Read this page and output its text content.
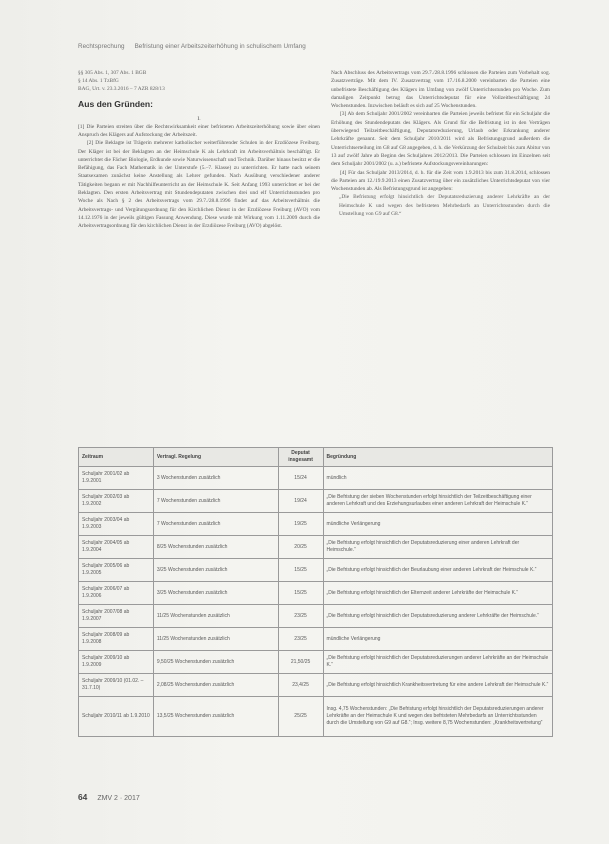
Rechtsprechung Befristung einer Arbeitszeiterhöhung in schulischem Umfang

§§ 305 Abs. 1, 307 Abs. 1 BGB

§ 14 Abs. 1 TzBfG

BAG, Urt. v. 23.3.2016 – 7 AZR 828/13

Aus den Gründen:

I.

[1] Die Parteien streiten über die Rechtswirksamkeit einer befristeten Arbeitszeiterhöhung sowie über einen Anspruch des Klägers auf Aufstockung der Arbeitszeit.

[2] Die Beklagte ist Trägerin mehrerer katholischer weiterführender Schulen in der Erzdiözese Freiburg. Der Kläger ist bei der Beklagten an der Heimschule K als Lehrkraft im Arbeitsverhältnis beschäftigt. Er unterrichtet die Fächer Biologie, Erdkunde sowie Naturwissenschaft und Technik. Darüber hinaus besitzt er die Befähigung, das Fach Mathematik in der Unterstufe (5.–7. Klasse) zu unterrichten. Er hatte nach seinem Staatsexamen zunächst keine Anstellung als Lehrer gefunden. Nach Ausübung verschiedener anderer Tätigkeiten begann er mit Nachhilfeunterricht an der Heimschule K. Seit Anfang 1993 unterrichtet er bei der Beklagten. Den ersten Arbeitsvertrag mit Stundendeputaten zwischen drei und elf Unterrichtsstunden pro Woche als Nach § 2 des Arbeitsvertrags vom 29.7./28.8.1996 findet auf das Arbeitsverhältnis die Arbeitsvertrags- und Vergütungsordnung für den Kirchlichen Dienst in der Erzdiözese Freiburg (AVO) vom 14.12.1976 in der jeweils gültigen Fassung Anwendung. Diese wurde mit Wirkung vom 1.11.2009 durch die Arbeitsvertragsordnung für den kirchlichen Dienst in der Erzdiözese Freiburg (AVO) abgelöst.

Nach Abschluss des Arbeitsvertrags vom 29.7./28.8.1996 schlossen die Parteien zum Vorbehalt sog. Zusatzverträge. Mit dem IV. Zusatzvertrag vom 17./16.8.2000 vereinbarten die Parteien eine unbefristete Beschäftigung des Klägers im Umfang von zwölf Unterrichtsstunden pro Woche. Zum damaligen Zeitpunkt betrug das Unterrichtsdeputat für eine Vollzeitbeschäftigung 24 Wochenstunden. Inzwischen beläuft es sich auf 25 Wochenstunden.

[3] Ab dem Schuljahr 2001/2002 vereinbarten die Parteien jeweils befristet für ein Schuljahr die Erhöhung des Stundendeputats des Klägers. Als Grund für die Befristung ist in den Verträgen überwiegend Teilzeitbeschäftigung, Deputatsreduzierung, Urlaub oder Erkrankung anderer Lehrkräfte genannt. Seit dem Schuljahr 2010/2011 wird als Befristungsgrund außerdem die Unterrichtserteilung im G8 auf G8 angegeben, d. h. die Verkürzung der Schulzeit bis zum Abitur von 13 auf zwölf Jahre ab Beginn des Schuljahres 2012/2013. Die Parteien schlossen im Einzelnen seit dem Schuljahr 2001/2002 (u. a.) befristete Aufstockungsvereinbarungen:

[4] Für das Schuljahr 2013/2014, d. h. für die Zeit vom 1.9.2013 bis zum 31.8.2014, schlossen die Parteien am 12./19.9.2013 einen Zusatzvertrag über ein zusätzliches Unterrichtsdeputat von vier Wochenstunden ab. Als Befristungsgrund ist angegeben:

„Die Befristung erfolgt hinsichtlich der Deputatsreduzierung anderer Lehrkräfte an der Heimschule K und wegen des befristeten Mehrbedarfs an Unterrichtsstunden durch die Umstellung von G9 auf G8.“

Zeitraum	Vertragl. Regelung	Deputat insgesamt	Begründung
Schuljahr 2001/02 ab 1.9.2001	3 Wochenstunden zusätzlich	15/24	mündlich
Schuljahr 2002/03 ab 1.9.2002	7 Wochenstunden zusätzlich	19/24	„Die Befristung der sieben Wochenstunden erfolgt hinsichtlich der Teilzeitbeschäftigung einer anderen Lehrkraft und des Erziehungsurlaubes einer anderen Lehrkraft der Heimschule K.“
Schuljahr 2003/04 ab 1.9.2003	7 Wochenstunden zusätzlich	19/25	mündliche Verlängerung
Schuljahr 2004/05 ab 1.9.2004	8/25 Wochenstunden zusätzlich	20/25	„Die Befristung erfolgt hinsichtlich der Deputatsreduzierung einer anderen Lehrkraft der Heimschule.“
Schuljahr 2005/06 ab 1.9.2005	3/25 Wochenstunden zusätzlich	15/25	„Die Befristung erfolgt hinsichtlich der Beurlaubung einer anderen Lehrkraft der Heimschule K.“
Schuljahr 2006/07 ab 1.9.2006	3/25 Wochenstunden zusätzlich	15/25	„Die Befristung erfolgt hinsichtlich der Elternzeit anderer Lehrkräfte der Heimschule K.“
Schuljahr 2007/08 ab 1.9.2007	11/25 Wochenstunden zusätzlich	23/25	„Die Befristung erfolgt hinsichtlich der Deputatsreduzierung anderer Lehrkräfte der Heimschule.“
Schuljahr 2008/09 ab 1.9.2008	11/25 Wochenstunden zusätzlich	23/25	mündliche Verlängerung
Schuljahr 2009/10 ab 1.9.2009	9,50/25 Wochenstunden zusätzlich	21,50/25	„Die Befristung erfolgt hinsichtlich der Deputatsreduzierungen anderer Lehrkräfte an der Heimschule K.“
Schuljahr 2009/10 (01.02. – 31.7.10)	2,08/25 Wochenstunden zusätzlich	23,4/25	„Die Befristung erfolgt hinsichtlich Krankheitsvertretung für eine andere Lehrkraft der Heimschule K.“
Schuljahr 2010/11 ab 1.9.2010	13,5/25 Wochenstunden zusätzlich	25/25	Insg. 4,75 Wochenstunden: „Die Befristung erfolgt hinsichtlich der Deputatsreduzierungen anderer Lehrkräfte an der Heimschule K und wegen des befristeten Mehrbedarfs an Unterrichtsstunden durch die Umstellung von G9 auf G8.“; Insg. weitere 8,75 Wochenstunden: „Krankheitsvertretung“
64 ZMV 2 · 2017
